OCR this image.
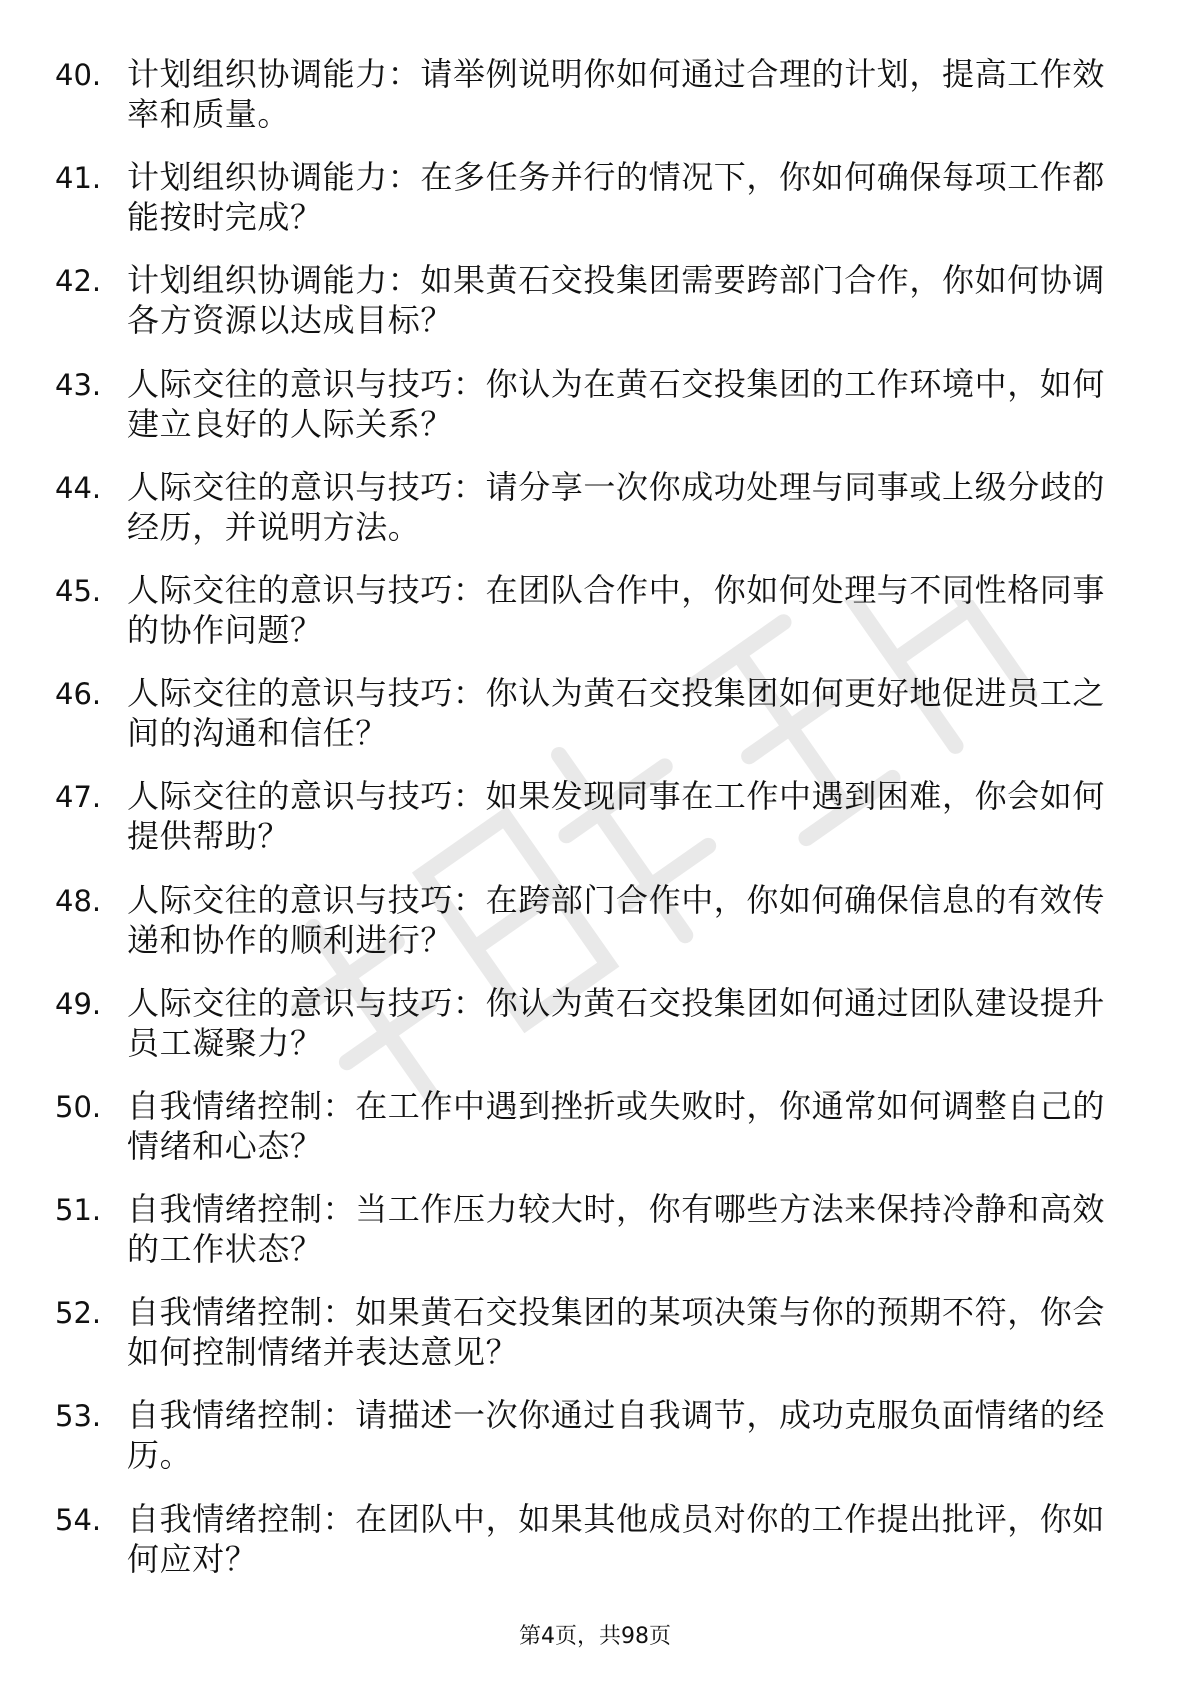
40. 计划组织协调能力：请举例说明你如何通过合理的计划，提高工作效率和质量。
41. 计划组织协调能力：在多任务并行的情况下，你如何确保每项工作都能按时完成？
42. 计划组织协调能力：如果黄石交投集团需要跨部门合作，你如何协调各方资源以达成目标？
43. 人际交往的意识与技巧：你认为在黄石交投集团的工作环境中，如何建立良好的人际关系？
44. 人际交往的意识与技巧：请分享一次你成功处理与同事或上级分歧的经历，并说明方法。
45. 人际交往的意识与技巧：在团队合作中，你如何处理与不同性格同事的协作问题？
46. 人际交往的意识与技巧：你认为黄石交投集团如何更好地促进员工之间的沟通和信任？
47. 人际交往的意识与技巧：如果发现同事在工作中遇到困难，你会如何提供帮助？
48. 人际交往的意识与技巧：在跨部门合作中，你如何确保信息的有效传递和协作的顺利进行？
49. 人际交往的意识与技巧：你认为黄石交投集团如何通过团队建设提升员工凝聚力？
50. 自我情绪控制：在工作中遇到挫折或失败时，你通常如何调整自己的情绪和心态？
51. 自我情绪控制：当工作压力较大时，你有哪些方法来保持冷静和高效的工作状态？
52. 自我情绪控制：如果黄石交投集团的某项决策与你的预期不符，你会如何控制情绪并表达意见？
53. 自我情绪控制：请描述一次你通过自我调节，成功克服负面情绪的经历。
54. 自我情绪控制：在团队中，如果其他成员对你的工作提出批评，你如何应对？
第4页，共98页
